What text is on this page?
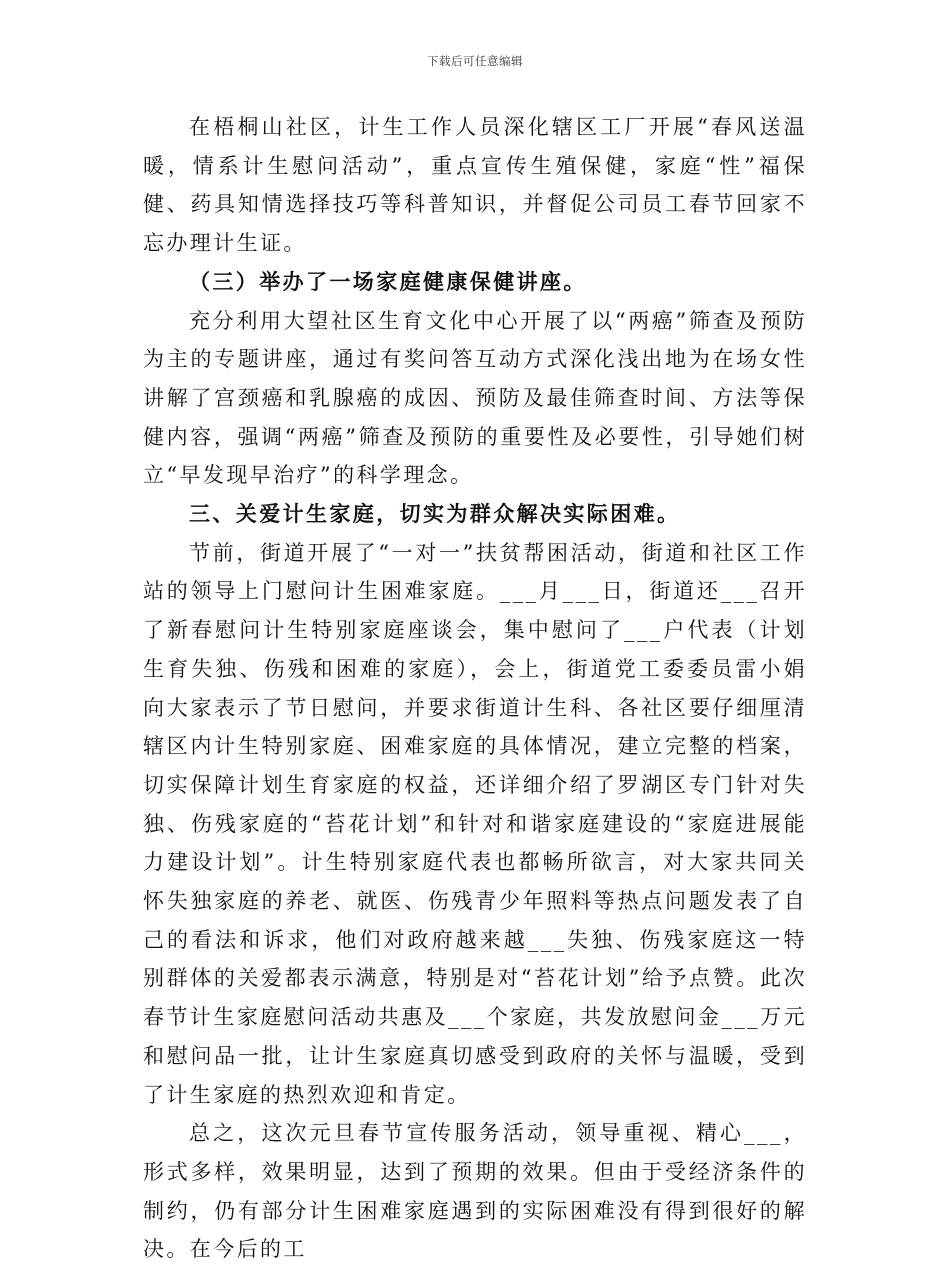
下载后可任意编辑

在梧桐山社区，计生工作人员深化辖区工厂开展“春风送温暖，情系计生慰问活动”，重点宣传生殖保健，家庭“性”福保健、药具知情选择技巧等科普知识，并督促公司员工春节回家不忘办理计生证。

（三）举办了一场家庭健康保健讲座。

充分利用大望社区生育文化中心开展了以“两癌”筛查及预防为主的专题讲座，通过有奖问答互动方式深化浅出地为在场女性讲解了宫颈癌和乳腺癌的成因、预防及最佳筛查时间、方法等保健内容，强调“两癌”筛查及预防的重要性及必要性，引导她们树立“早发现早治疗”的科学理念。

三、关爱计生家庭，切实为群众解决实际困难。

节前，街道开展了“一对一”扶贫帮困活动，街道和社区工作站的领导上门慰问计生困难家庭。___月___日，街道还___召开了新春慰问计生特别家庭座谈会，集中慰问了___户代表（计划生育失独、伤残和困难的家庭），会上，街道党工委委员雷小娟向大家表示了节日慰问，并要求街道计生科、各社区要仔细厘清辖区内计生特别家庭、困难家庭的具体情况，建立完整的档案，切实保障计划生育家庭的权益，还详细介绍了罗湖区专门针对失独、伤残家庭的“苔花计划”和针对和谐家庭建设的“家庭进展能力建设计划”。计生特别家庭代表也都畅所欲言，对大家共同关怀失独家庭的养老、就医、伤残青少年照料等热点问题发表了自己的看法和诉求，他们对政府越来越___失独、伤残家庭这一特别群体的关爱都表示满意，特别是对“苔花计划”给予点赞。此次春节计生家庭慰问活动共惠及___个家庭，共发放慰问金___万元和慰问品一批，让计生家庭真切感受到政府的关怀与温暖，受到了计生家庭的热烈欢迎和肯定。

总之，这次元旦春节宣传服务活动，领导重视、精心___，形式多样，效果明显，达到了预期的效果。但由于受经济条件的制约，仍有部分计生困难家庭遇到的实际困难没有得到很好的解决。在今后的工
